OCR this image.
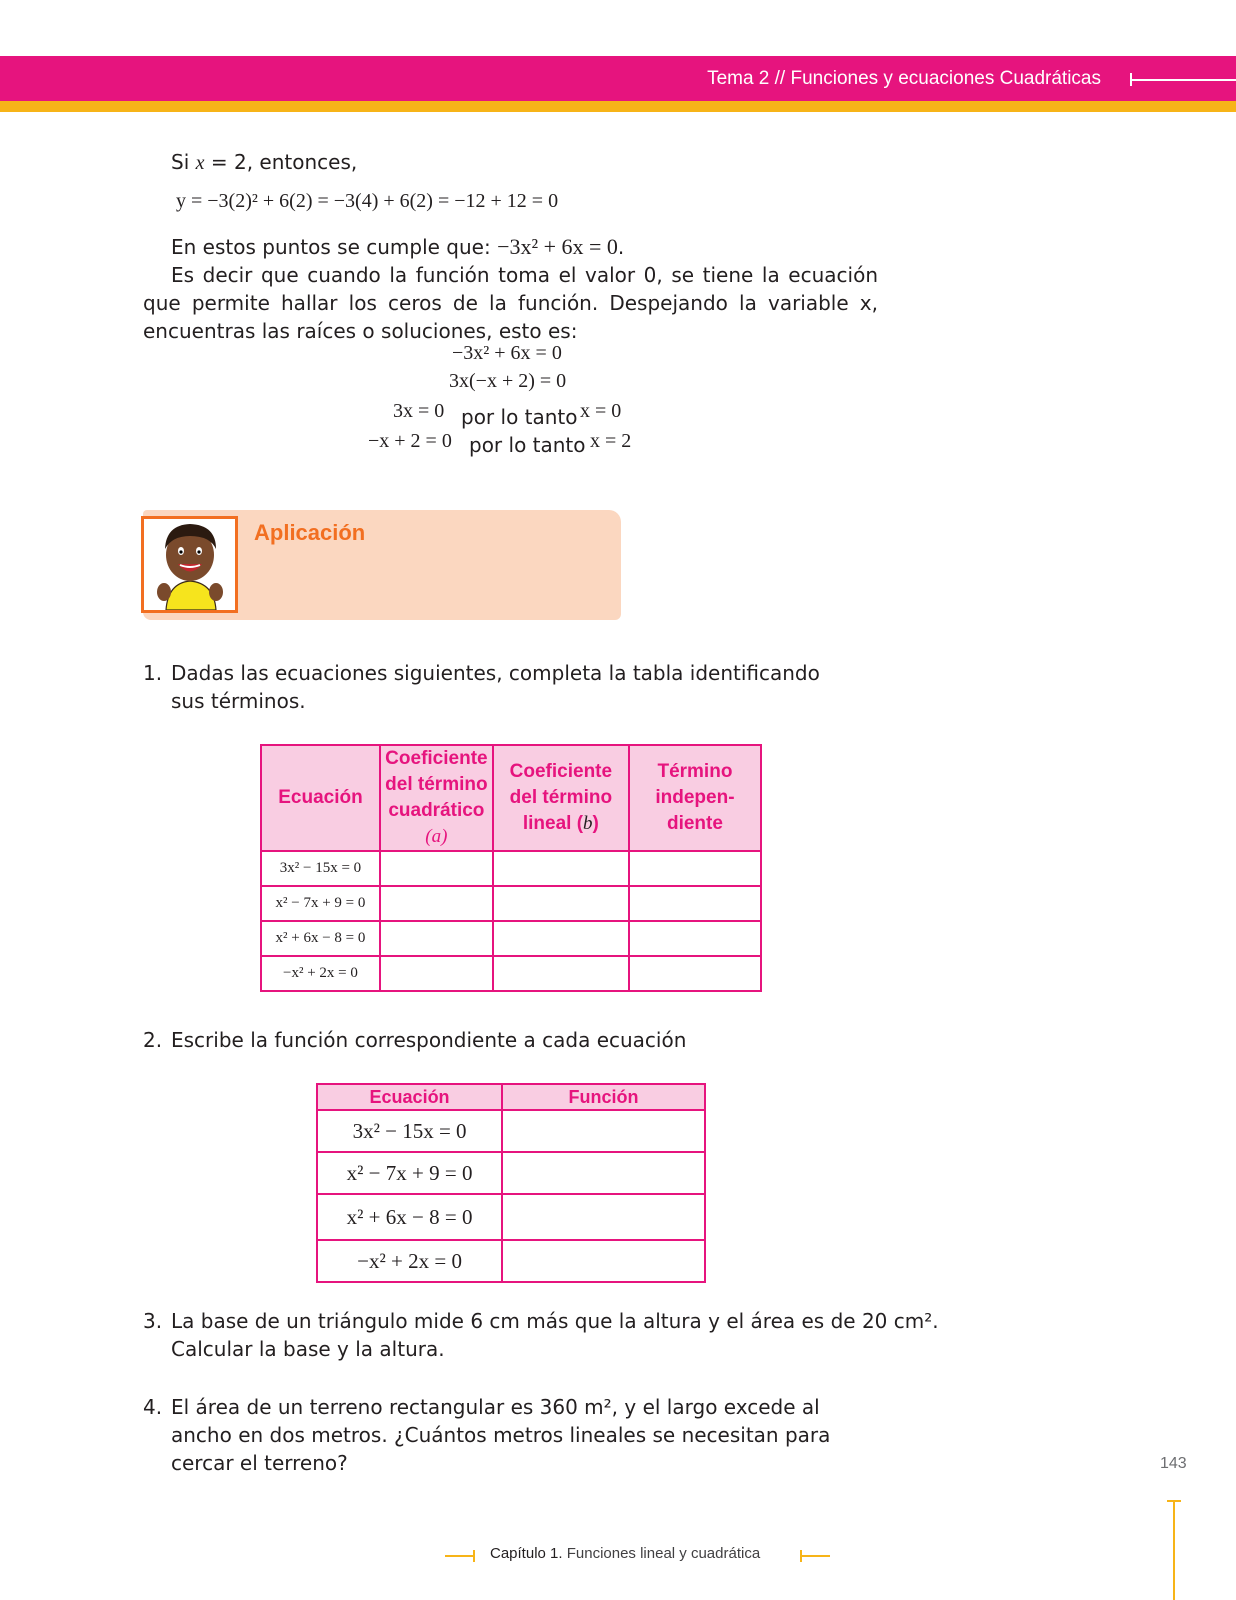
Tema 2 // Funciones y ecuaciones Cuadráticas
Si x = 2, entonces,
y = −3(2)² + 6(2) = −3(4) + 6(2) = −12 + 12 = 0
En estos puntos se cumple que: −3x² + 6x = 0.
Es decir que cuando la función toma el valor 0, se tiene la ecuación que permite hallar los ceros de la función. Despejando la variable x, encuentras las raíces o soluciones, esto es:
−3x² + 6x = 0
3x(−x + 2) = 0
3x = 0 por lo tanto x = 0
−x + 2 = 0 por lo tanto x = 2
Aplicación
1. Dadas las ecuaciones siguientes, completa la tabla identificando
sus términos.
Ecuación	Coeficiente
del término
cuadrático
(a)	Coeficiente
del término
lineal (b)	Término
indepen-
diente
3x² − 15x = 0			
x² − 7x + 9 = 0			
x² + 6x − 8 = 0			
−x² + 2x = 0			
2. Escribe la función correspondiente a cada ecuación
Ecuación	Función
3x² − 15x = 0	
x² − 7x + 9 = 0	
x² + 6x − 8 = 0	
−x² + 2x = 0	
3. La base de un triángulo mide 6 cm más que la altura y el área es de 20 cm².
Calcular la base y la altura.
4. El área de un terreno rectangular es 360 m², y el largo excede al
ancho en dos metros. ¿Cuántos metros lineales se necesitan para
cercar el terreno?	143
Capítulo 1. Funciones lineal y cuadrática
